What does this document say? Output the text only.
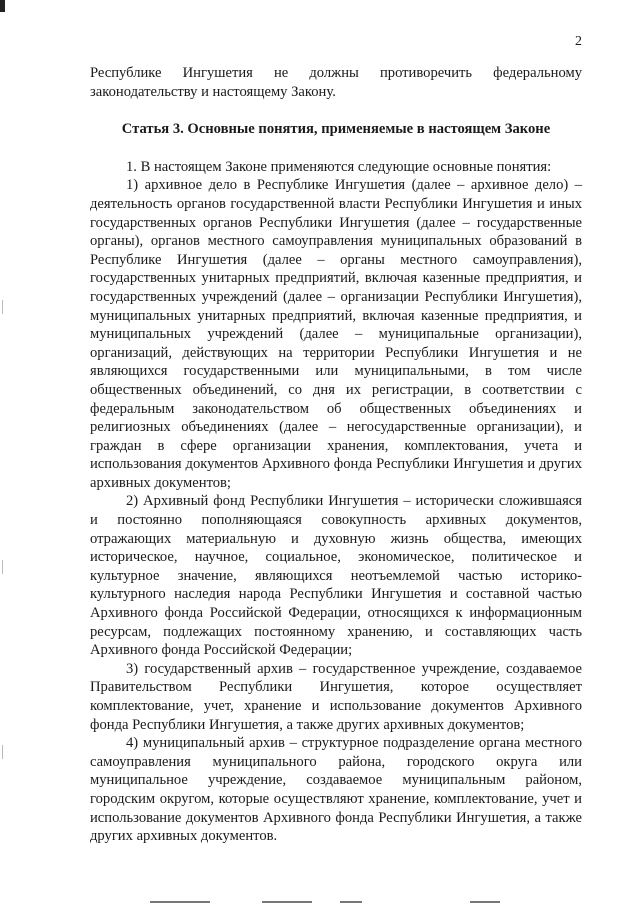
2

Республике Ингушетия не должны противоречить федеральному законодательству и настоящему Закону.

Статья 3. Основные понятия, применяемые в настоящем Законе

1. В настоящем Законе применяются следующие основные понятия:

1) архивное дело в Республике Ингушетия (далее – архивное дело) – деятельность органов государственной власти Республики Ингушетия и иных государственных органов Республики Ингушетия (далее – государственные органы), органов местного самоуправления муниципальных образований в Республике Ингушетия (далее – органы местного самоуправления), государственных унитарных предприятий, включая казенные предприятия, и государственных учреждений (далее – организации Республики Ингушетия), муниципальных унитарных предприятий, включая казенные предприятия, и муниципальных учреждений (далее – муниципальные организации), организаций, действующих на территории Республики Ингушетия и не являющихся государственными или муниципальными, в том числе общественных объединений, со дня их регистрации, в соответствии с федеральным законодательством об общественных объединениях и религиозных объединениях (далее – негосударственные организации), и граждан в сфере организации хранения, комплектования, учета и использования документов Архивного фонда Республики Ингушетия и других архивных документов;

2) Архивный фонд Республики Ингушетия – исторически сложившаяся и постоянно пополняющаяся совокупность архивных документов, отражающих материальную и духовную жизнь общества, имеющих историческое, научное, социальное, экономическое, политическое и культурное значение, являющихся неотъемлемой частью историко-культурного наследия народа Республики Ингушетия и составной частью Архивного фонда Российской Федерации, относящихся к информационным ресурсам, подлежащих постоянному хранению, и составляющих часть Архивного фонда Российской Федерации;

3) государственный архив – государственное учреждение, создаваемое Правительством Республики Ингушетия, которое осуществляет комплектование, учет, хранение и использование документов Архивного фонда Республики Ингушетия, а также других архивных документов;

4) муниципальный архив – структурное подразделение органа местного самоуправления муниципального района, городского округа или муниципальное учреждение, создаваемое муниципальным районом, городским округом, которые осуществляют хранение, комплектование, учет и использование документов Архивного фонда Республики Ингушетия, а также других архивных документов.
